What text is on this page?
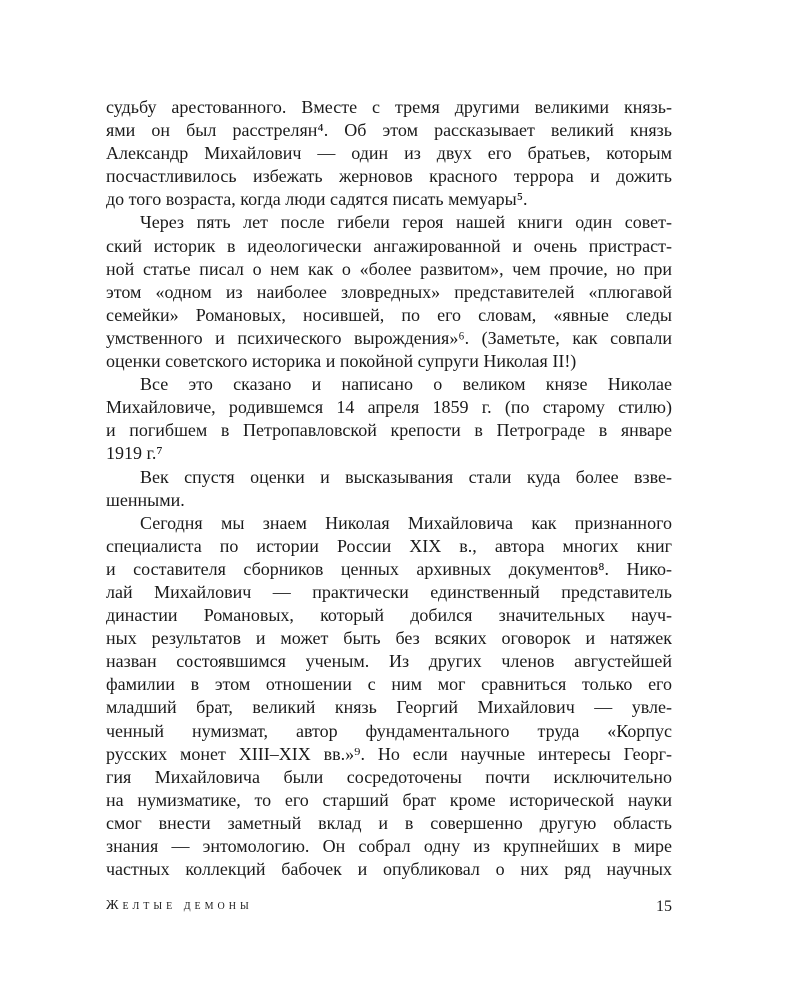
судьбу арестованного. Вместе с тремя другими великими князь-
ями он был расстрелян⁴. Об этом рассказывает великий князь
Александр Михайлович — один из двух его братьев, которым
посчастливилось избежать жерновов красного террора и дожить
до того возраста, когда люди садятся писать мемуары⁵.
Через пять лет после гибели героя нашей книги один совет-
ский историк в идеологически ангажированной и очень пристраст-
ной статье писал о нем как о «более развитом», чем прочие, но при
этом «одном из наиболее зловредных» представителей «плюгавой
семейки» Романовых, носившей, по его словам, «явные следы
умственного и психического вырождения»⁶. (Заметьте, как совпали
оценки советского историка и покойной супруги Николая II!)
Все это сказано и написано о великом князе Николае
Михайловиче, родившемся 14 апреля 1859 г. (по старому стилю)
и погибшем в Петропавловской крепости в Петрограде в январе
1919 г.⁷
Век спустя оценки и высказывания стали куда более взве-
шенными.
Сегодня мы знаем Николая Михайловича как признанного
специалиста по истории России XIX в., автора многих книг
и составителя сборников ценных архивных документов⁸. Нико-
лай Михайлович — практически единственный представитель
династии Романовых, который добился значительных науч-
ных результатов и может быть без всяких оговорок и натяжек
назван состоявшимся ученым. Из других членов августейшей
фамилии в этом отношении с ним мог сравниться только его
младший брат, великий князь Георгий Михайлович — увле-
ченный нумизмат, автор фундаментального труда «Корпус
русских монет XIII–XIX вв.»⁹. Но если научные интересы Георг-
гия Михайловича были сосредоточены почти исключительно
на нумизматике, то его старший брат кроме исторической науки
смог внести заметный вклад и в совершенно другую область
знания — энтомологию. Он собрал одну из крупнейших в мире
частных коллекций бабочек и опубликовал о них ряд научных
Желтые демоны	15
